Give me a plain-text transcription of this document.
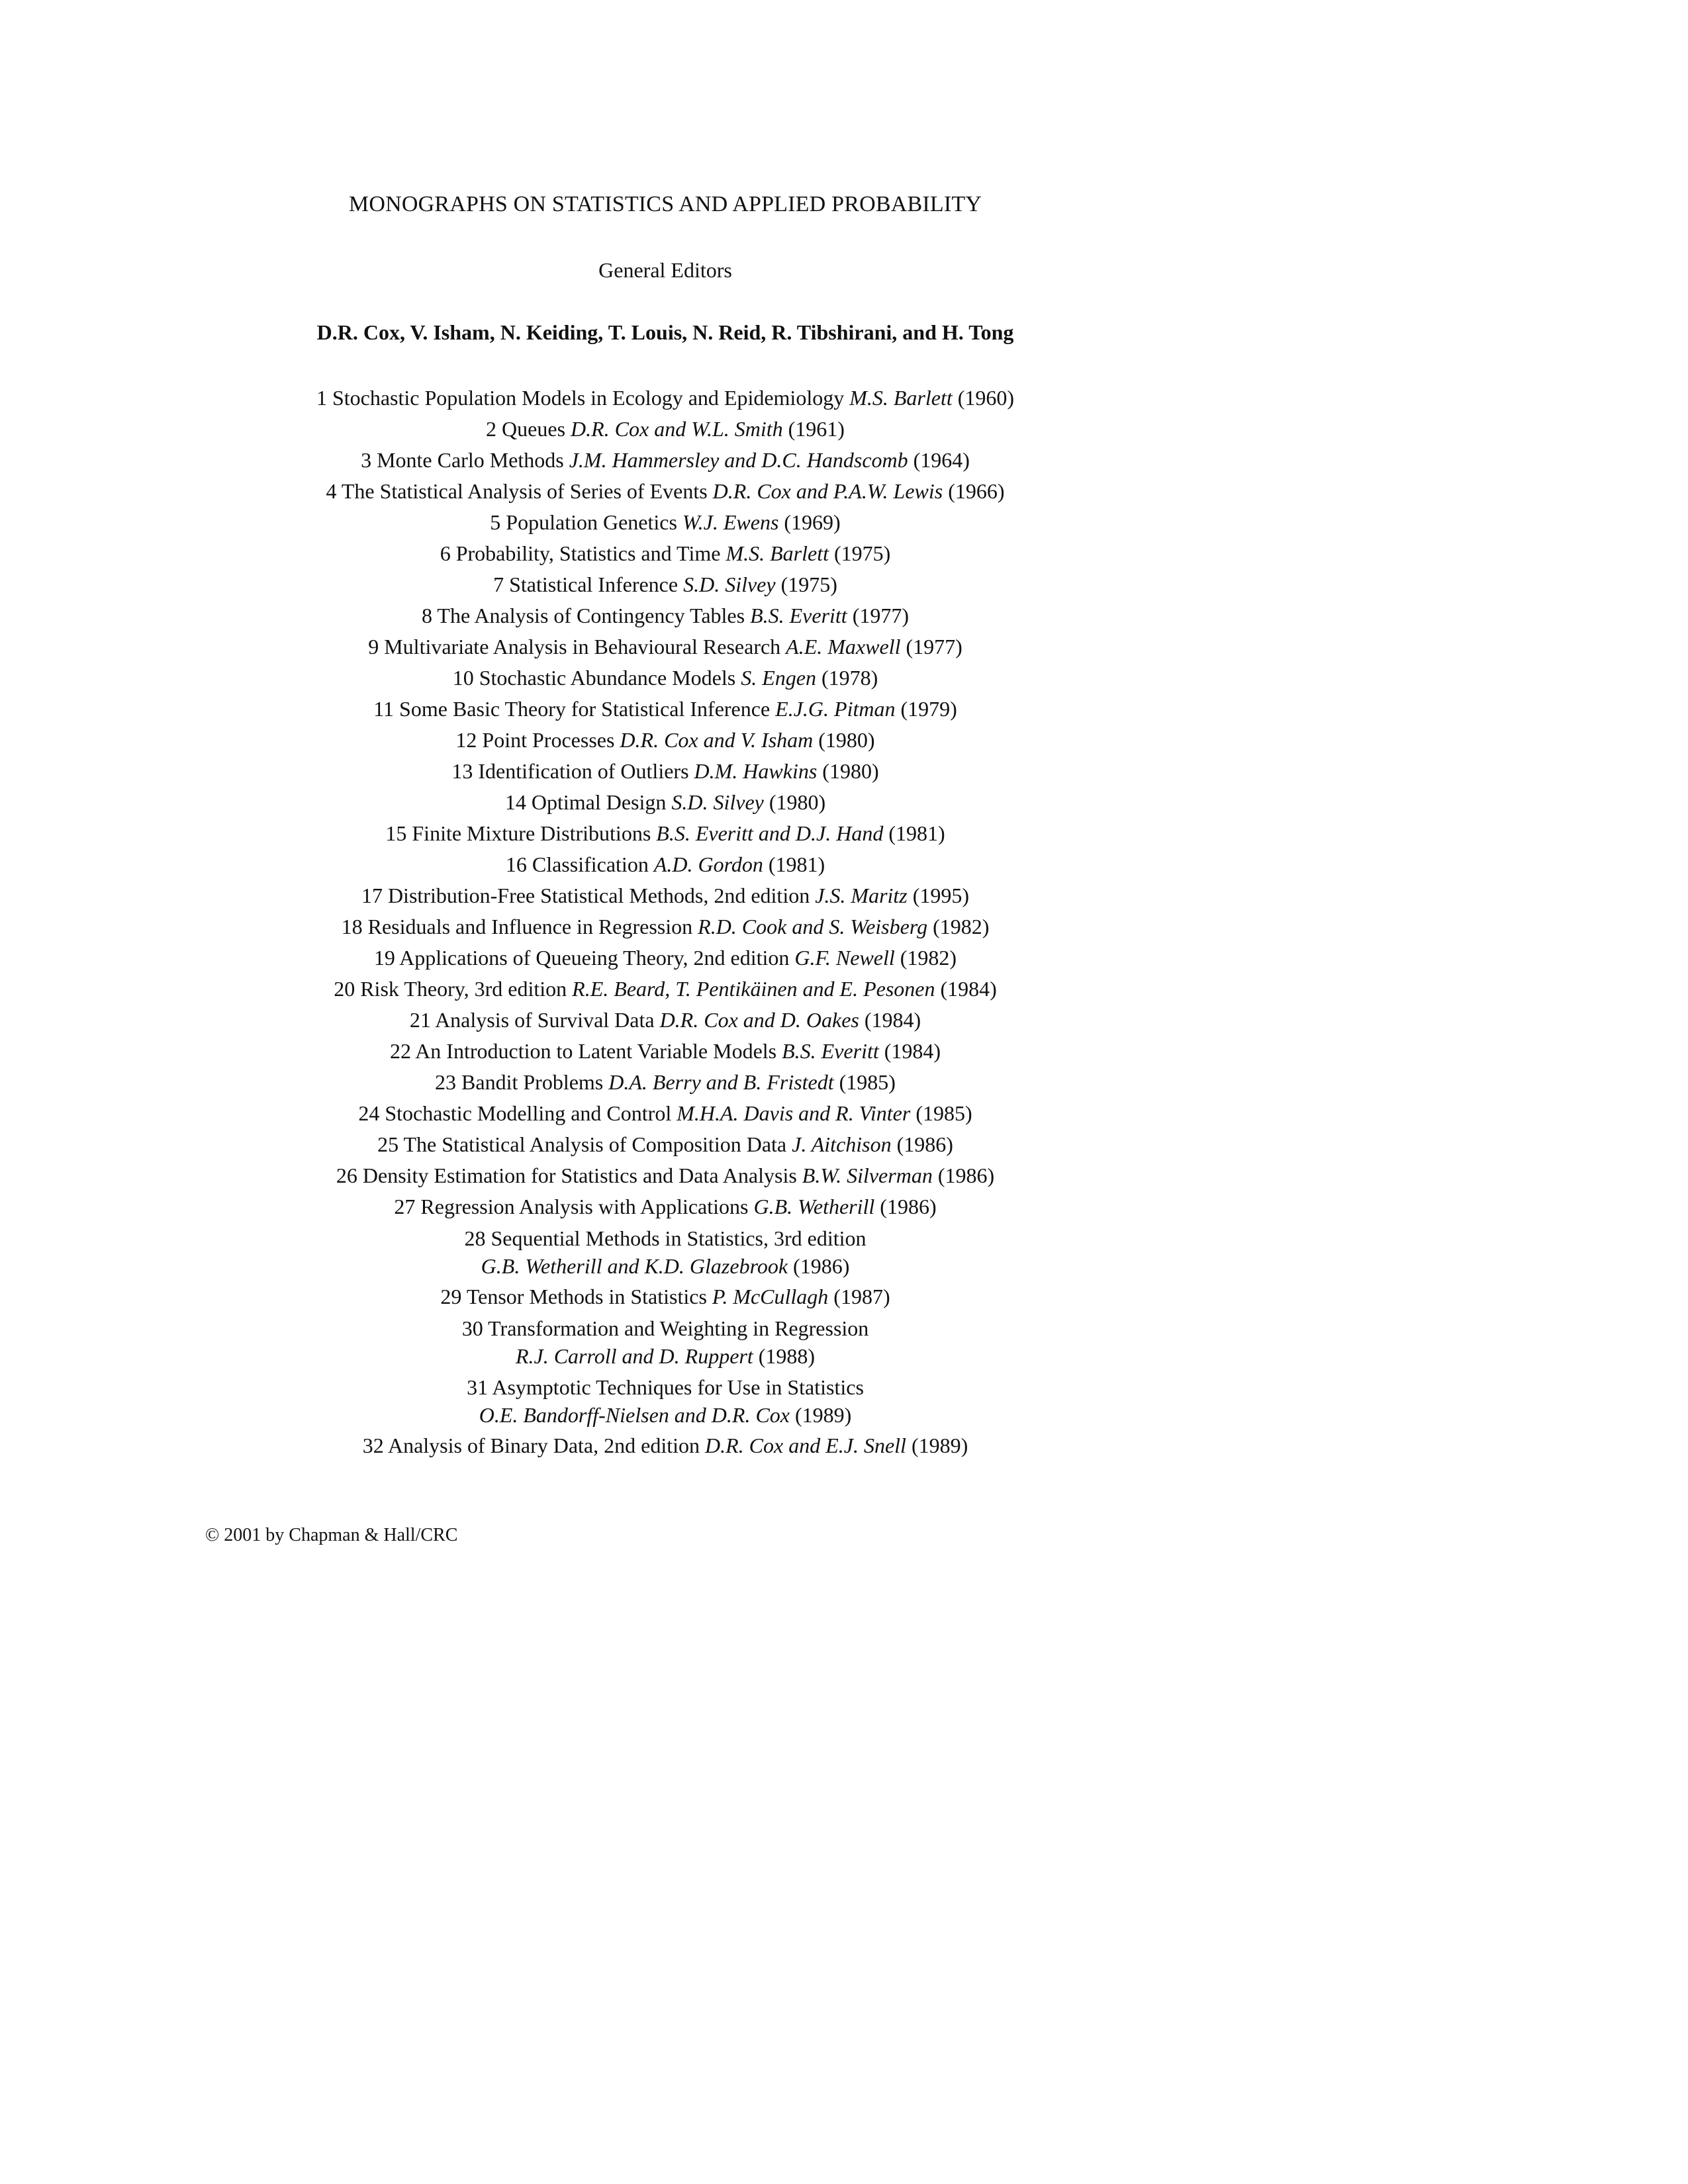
MONOGRAPHS ON STATISTICS AND APPLIED PROBABILITY
General Editors
D.R. Cox, V. Isham, N. Keiding, T. Louis, N. Reid, R. Tibshirani, and H. Tong
1 Stochastic Population Models in Ecology and Epidemiology M.S. Barlett (1960)
2 Queues D.R. Cox and W.L. Smith (1961)
3 Monte Carlo Methods J.M. Hammersley and D.C. Handscomb (1964)
4 The Statistical Analysis of Series of Events D.R. Cox and P.A.W. Lewis (1966)
5 Population Genetics W.J. Ewens (1969)
6 Probability, Statistics and Time M.S. Barlett (1975)
7 Statistical Inference S.D. Silvey (1975)
8 The Analysis of Contingency Tables B.S. Everitt (1977)
9 Multivariate Analysis in Behavioural Research A.E. Maxwell (1977)
10 Stochastic Abundance Models S. Engen (1978)
11 Some Basic Theory for Statistical Inference E.J.G. Pitman (1979)
12 Point Processes D.R. Cox and V. Isham (1980)
13 Identification of Outliers D.M. Hawkins (1980)
14 Optimal Design S.D. Silvey (1980)
15 Finite Mixture Distributions B.S. Everitt and D.J. Hand (1981)
16 Classification A.D. Gordon (1981)
17 Distribution-Free Statistical Methods, 2nd edition J.S. Maritz (1995)
18 Residuals and Influence in Regression R.D. Cook and S. Weisberg (1982)
19 Applications of Queueing Theory, 2nd edition G.F. Newell (1982)
20 Risk Theory, 3rd edition R.E. Beard, T. Pentikäinen and E. Pesonen (1984)
21 Analysis of Survival Data D.R. Cox and D. Oakes (1984)
22 An Introduction to Latent Variable Models B.S. Everitt (1984)
23 Bandit Problems D.A. Berry and B. Fristedt (1985)
24 Stochastic Modelling and Control M.H.A. Davis and R. Vinter (1985)
25 The Statistical Analysis of Composition Data J. Aitchison (1986)
26 Density Estimation for Statistics and Data Analysis B.W. Silverman (1986)
27 Regression Analysis with Applications G.B. Wetherill (1986)
28 Sequential Methods in Statistics, 3rd edition
G.B. Wetherill and K.D. Glazebrook (1986)
29 Tensor Methods in Statistics P. McCullagh (1987)
30 Transformation and Weighting in Regression
R.J. Carroll and D. Ruppert (1988)
31 Asymptotic Techniques for Use in Statistics
O.E. Bandorff-Nielsen and D.R. Cox (1989)
32 Analysis of Binary Data, 2nd edition D.R. Cox and E.J. Snell (1989)
© 2001 by Chapman & Hall/CRC
